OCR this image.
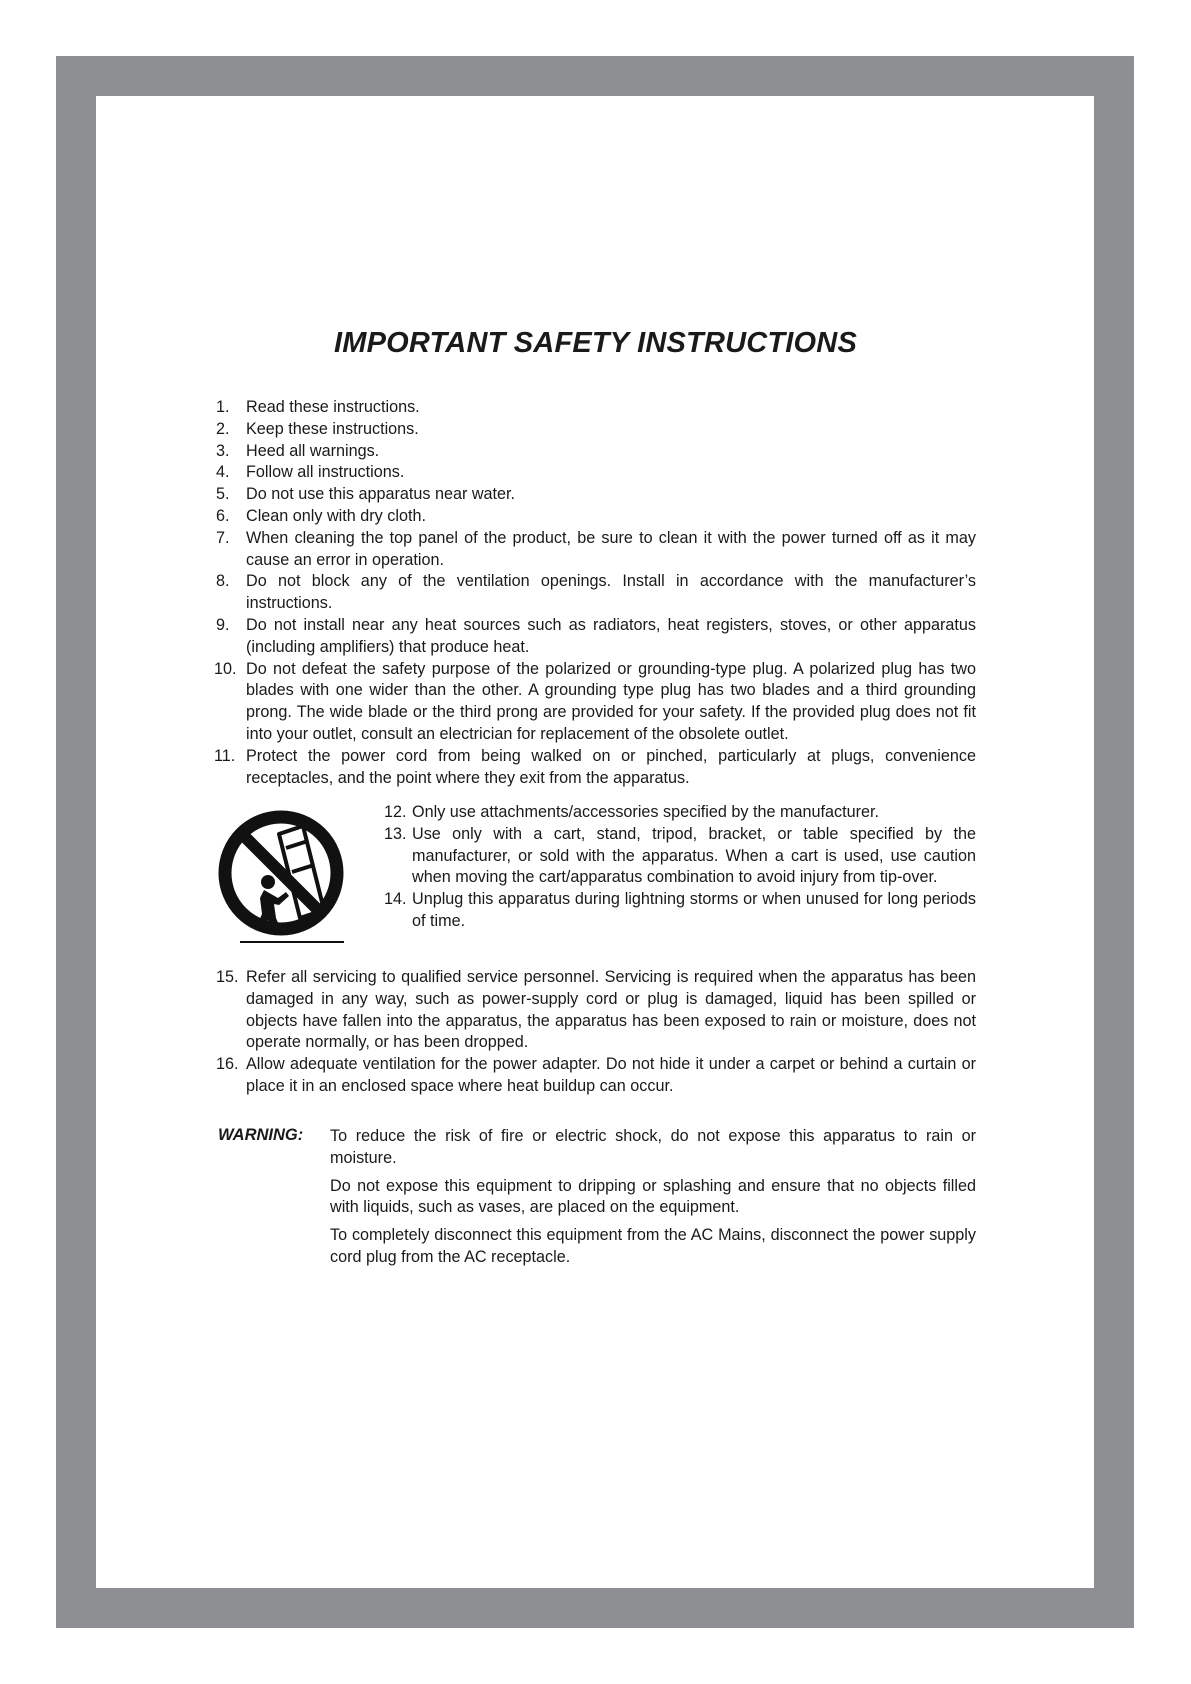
IMPORTANT SAFETY INSTRUCTIONS
1. Read these instructions.
2. Keep these instructions.
3. Heed all warnings.
4. Follow all instructions.
5. Do not use this apparatus near water.
6. Clean only with dry cloth.
7. When cleaning the top panel of the product, be sure to clean it with the power turned off as it may cause an error in operation.
8. Do not block any of the ventilation openings. Install in accordance with the manufacturer’s instructions.
9. Do not install near any heat sources such as radiators, heat registers, stoves, or other apparatus (including amplifiers) that produce heat.
10. Do not defeat the safety purpose of the polarized or grounding-type plug. A polarized plug has two blades with one wider than the other. A grounding type plug has two blades and a third grounding prong. The wide blade or the third prong are provided for your safety. If the provided plug does not fit into your outlet, consult an electrician for replacement of the obsolete outlet.
11. Protect the power cord from being walked on or pinched, particularly at plugs, convenience receptacles, and the point where they exit from the apparatus.
12. Only use attachments/accessories specified by the manufacturer.
13. Use only with a cart, stand, tripod, bracket, or table specified by the manufacturer, or sold with the apparatus. When a cart is used, use caution when moving the cart/apparatus combination to avoid injury from tip-over.
14. Unplug this apparatus during lightning storms or when unused for long periods of time.
15. Refer all servicing to qualified service personnel. Servicing is required when the apparatus has been damaged in any way, such as power-supply cord or plug is damaged, liquid has been spilled or objects have fallen into the apparatus, the apparatus has been exposed to rain or moisture, does not operate normally, or has been dropped.
16. Allow adequate ventilation for the power adapter. Do not hide it under a carpet or behind a curtain or place it in an enclosed space where heat buildup can occur.
WARNING: To reduce the risk of fire or electric shock, do not expose this apparatus to rain or moisture.

Do not expose this equipment to dripping or splashing and ensure that no objects filled with liquids, such as vases, are placed on the equipment.

To completely disconnect this equipment from the AC Mains, disconnect the power supply cord plug from the AC receptacle.
